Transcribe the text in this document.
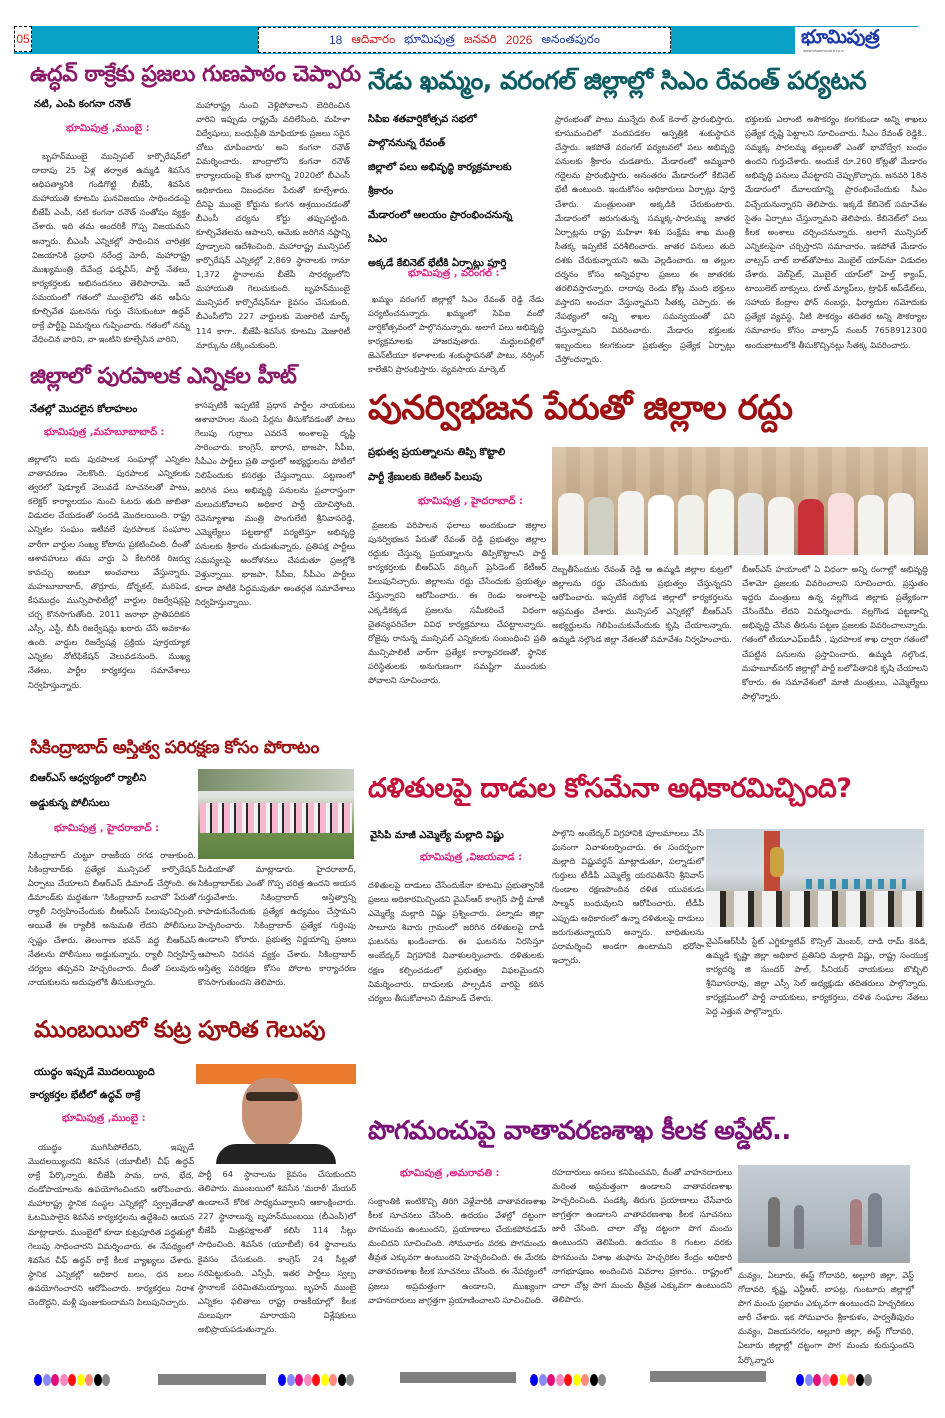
05	18 ఆదివారం భూమిపుత్ర జనవరి 2026 అనంతపురం	భూమిపుత్ర
www.bhoomiputra.co.in
ఉద్ధవ్ ఠాక్రేకు ప్రజలు గుణపాఠం చెప్పారు
నటి, ఎంపి కంగనా రనౌత్
భూమిపుత్ర ,ముంబై :
బృహన్‌ముంబై మున్సిపల్ కార్పొరేషన్‌లో దాదాపు 25 ఏళ్ల తర్వాత ఉమ్మడి శివసేన ఆధిపత్యానికి గండిగొట్టి బీజేపీ, శివసేన మహాయుతి కూటమి ఘనవిజయం సాధించడంపై బీజేపీ ఎంపీ, నటి కంగనా రనౌత్ సంతోషం వ్యక్తం చేశారు. ఇది తమ అందరికీ గొప్ప విజయమని అన్నారు. బీఎంసీ ఎన్నికల్లో సాధించిన చారిత్రక విజయానికి ప్రధాని నరేంద్ర మోదీ, మహారాష్ట్ర ముఖ్యమంత్రి దేవేంద్ర ఫడ్నవీస్, పార్టీ నేతలు, కార్యకర్తలకు అభినందనలు తెలిపారామె. ఇదే సమయంలో గతంలో ముంబైలోని తన ఆఫీసు కూల్చివేత ఘటనను గుర్తు చేసుకుంటూ ఉద్ధవ్ ఠాక్రే పార్టీపై విమర్శలు గుప్పించారు. గతంలో నన్ను వేధించిన వారిని, నా ఇంటిని కూల్చేసిన వారిని,
మహారాష్ట్ర నుంచి వెళ్లిపోవాలని బెదిరించిన వారిని ఇప్పుడు రాష్ట్రమే వదిలేసింది. మహిళా విద్వేషులు, బంధుప్రీతి మాఫియాకు ప్రజలు సరైన చోటు చూపించారు' అని కంగనా రనౌత్ విమర్శించారు. బాంద్రాలోని కంగనా రనౌత్ కార్యాలయంపై కొంత భాగాన్ని 2020లో బీఎంసీ అధికారులు నిబంధనల పేరుతో కూల్చేశారు. దీనిపై ముంబై కోర్టును కంగన ఆశ్రయించడంతో బీఎంసీ చర్యను కోర్టు తప్పుపట్టింది. కూల్చివేతలను ఆపాలని, ఆమెకు జరిగిన నష్టాన్ని పూడ్చాలని ఆదేశించింది. మహారాష్ట్ర మున్సిపల్ కార్పొరేషన్ ఎన్నికల్లో 2,869 స్థానాలకు గానూ 1,372 స్థానాలను బీజేపీ సారథ్యంలోని మహాయుతి గెలుచుకుంది. బృహన్‌ముంబై మున్సిపల్ కార్పొరేషన్‌నూ కైవసం చేసుకుంది. బీఎంసీలోని 227 వార్డులకు మెజారిటీ మార్క్ 114 కాగా.. బీజేపీ-శివసేన కూటమి మెజారిటీ మార్కును దక్కించుకుంది.
నేడు ఖమ్మం, వరంగల్ జిల్లాల్లో సిఎం రేవంత్ పర్యటన
సిపిఐ శతవార్షికోత్సవ సభలో
పాల్గొననున్న రేవంత్
జిల్లాలో పలు అభివృద్ధి కార్యక్రమాలకు
శ్రీకారం
మేడారంలో ఆలయం ప్రారంభించనున్న
సిఎం
అక్కడే కేబినెట్ భేటీకి ఏర్పాట్లు పూర్తి
భూమిపుత్ర , వరంగల్ :
ఖమ్మం వరంగల్ జిల్లాల్లో సిఎం రేవంత్ రెడ్డి నేడు పర్యటించనున్నారు. ఖమ్మంలో సిపిఐ వందో వార్షికోత్సవంలో పాల్గొననున్నారు. అలాగే పలు అభివృద్ధి కార్యక్రమాలకు హాజరవుతారు. మద్దులపల్లిలో జెఎన్‌టీయూ కళాశాలకు శంకుస్థాపనతో పాటు, నర్సింగ్ కాలేజీని ప్రారంభిస్తారు. వ్యవసాయ మార్కెట్
ప్రారంభంతో పాటు మున్నేరు లింక్ కెనాల్ ప్రారంభిస్తారు. కూసుమంచిలో వందపడకల ఆస్పత్రికి శంకుస్థాపన చేస్తారు. ఇకపోతే వరంగల్ పర్యటనలో పలు అభివృద్ధి పనులకు శ్రీకారం చుడతారు. మేడారంలో అమ్మవారి గద్దెలను ప్రారంభిస్తారు. అనంతరం మేడారంలో కేబినెట్ భేటీ ఉంటుంది. ఇందుకోసం అధికారులు ఏర్పాట్లు పూర్తి చేశారు. మంత్రులంతా అక్కడికి చేరుకుంటారు. మేడారంలో జరుగుతున్న సమ్మక్క-సారలమ్మ జాతర ఏర్పాట్లను రాష్ట్ర మహిళా శిశు సంక్షేమ శాఖ మంత్రి సీతక్క ఇప్పటికే పరిశీలించారు. జాతర పనులు తుది దశకు చేరుకున్నాయని ఆమె వెల్లడించారు. ఆ తల్లుల దర్శనం కోసం అన్నివర్గాల ప్రజలు ఈ జాతరకు తరలివస్తారన్నారు. దాదాపు రెండు కోట్ల మంది భక్తులు వస్తారని అంచనా వేస్తున్నామని సీతక్క చెప్పారు. ఈ నేపథ్యంలో అన్ని శాఖల సమన్వయంతో పని చేస్తున్నామని వివరించారు. మేడారం భక్తులకు ఇబ్బందులు కలగకుండా ప్రభుత్వం ప్రత్యేక ఏర్పాట్లు చేస్తోందన్నారు.
భక్తులకు ఎలాంటి అసౌకర్యం కలగకుండా అన్ని శాఖలు ప్రత్యేక దృష్టి పెట్టాలని సూచించారు. సీఎం రేవంత్ రెడ్డికి.. సమ్మక్క సారలమ్మ తల్లులతో ఎంతో భావోద్వేగ బంధం ఉందని గుర్తుచేశారు. అందుకే రూ.260 కోట్లతో మేడారం అభివృద్ధి పనులు చేపట్టారని చెప్పుకొచ్చారు. జనవరి 18న మేడారంలో దేవాలయాన్ని ప్రారంభించేందుకు సీఎం విచ్చేయనున్నారని తెలిపారు. ఇక్కడే కేబినెట్ సమావేశం సైతం ఏర్పాటు చేస్తున్నామని తెలిపారు. కేబినెట్‌లో పలు కీలక అంశాలు చర్చించనున్నారు. అలాగే మున్సిపల్ ఎన్నికలపైనా చర్చిస్తారని సమాచారం. ఇకపోతే మేడారం వాట్సప్ చాట్ బాట్‌తోపాటు మొబైల్ యాప్‌నూ విడుదల చేశారు. వెబ్‌సైట్, మొబైల్ యాప్‌లో హెల్త్ క్యాంప్, టాయిలెట్ బాక్సులు, రూట్ మ్యాప్‌లు, ట్రాఫిక్ అప్‌డేట్‌లు, సహాయ కేంద్రాల ఫోన్ నంబర్లు, ఫిర్యాదుల నమోదుకు ప్రత్యేక వ్యవస్థ, నీటి సౌకర్యం తదితర అన్ని సౌకర్యాల సమాచారం కోసం వాట్సాప్ నంబర్ 7658912300 అందుబాటులోకి తీసుకొచ్చినట్లు సీతక్క వివరించారు.
జిల్లాలో పురపాలక ఎన్నికల హీట్
నేతల్లో మొదలైన కోలాహలం
భూమిపుత్ర ,మహబూబాబాద్ :
జిల్లాలోని ఐదు పురపాలక సంఘాల్లో ఎన్నికల వాతావరణం నెలకొంది. పురపాలక ఎన్నికలకు త్వరలో షెడ్యూల్ వెలువడే సూచనలతో పాటు, కలెక్టర్ కార్యాలయం నుంచి ఓటరు తుది జాబితా విడుదల చేయడంతో సందడి మొదలయింది. రాష్ట్ర ఎన్నికల సంఘం ఇటీవలే పురపాలక సంఘాల వారీగా వార్డుల సంఖ్య కోటాను ప్రకటించింది. దీంతో ఆశావహులు తమ వార్డు ఏ కేటగిరికి రిజర్వు కావచ్చు అంటూ అంచనాలు వేస్తున్నారు. మహబూబాబాద్, తొర్రూరు, డోర్నకల్, మరిపెడ, కేసముద్రం మున్సిపాలిటీల్లో వార్డుల రిజర్వేషన్లపై చర్చ కొనసాగుతోంది. 2011 జనాభా ప్రాతిపదికన ఎస్సీ, ఎస్టీ, బీసీ రిజర్వేషన్లు ఖరారు చేసే అవకాశం ఉంది. వార్డుల రిజర్వేషన్ల ప్రక్రియ పూర్తయ్యాక ఎన్నికల నోటిఫికేషన్ వెలువడనుంది. ముఖ్య నేతలు, పార్టీల కార్యకర్తలు సమావేశాలు నిర్వహిస్తున్నారు.
కాసప్పటికీ ఇప్పటికే ప్రధాన పార్టీల నాయకులు ఆశావాహుల నుంచి పేర్లను తీసుకోవడంతో పాటు గెలుపు గుర్రాలు ఎవరనే అంశాలపై దృష్టి సారించారు. కాంగ్రెస్, భారాస, భాజపా, సీపీఐ, సీపీఎం పార్టీలు ప్రతి వార్డులో అభ్యర్థులను పోటీలో నిలిపేందుకు కసరత్తు చేస్తున్నాయి. పట్టణంలో జరిగిన పలు అభివృద్ధి పనులను ప్రచారాస్త్రంగా మలుచుకోవాలని అధికార పార్టీ యోచిస్తోంది. రెవెన్యూశాఖ మంత్రి పొంగులేటి శ్రీనివాసరెడ్డి, ఎమ్మెల్యేలు పట్టణాల్లో పర్యటిస్తూ అభివృద్ధి పనులకు శ్రీకారం చుడుతున్నారు. ప్రతిపక్ష పార్టీలు సమస్యలపై ఆందోళనలు చేపడుతూ ప్రజల్లోకి వెళ్తున్నాయి. భాజపా, సీపీఐ, సీపీఎం పార్టీలు కూడా పోటీకి సిద్ధమవుతూ అంతర్గత సమావేశాలు నిర్వహిస్తున్నాయి.
పునర్విభజన పేరుతో జిల్లాల రద్దు
ప్రభుత్వ ప్రయత్నాలను తిప్పి కొట్టాలి
పార్టీ శ్రేణులకు కెటిఆర్ పిలుపు
భూమిపుత్ర , హైదరాబాద్ :
ప్రజలకు పరిపాలన ఫలాలు అందకుండా జిల్లాల పునర్విభజన పేరుతో రేవంత్ రెడ్డి ప్రభుత్వం జిల్లాల రద్దుకు చేస్తున్న ప్రయత్నాలను తిప్పికొట్టాలని పార్టీ కార్యకర్తలకు బీఆర్ఎస్ వర్కింగ్ ప్రెసిడెంట్ కేటీఆర్ పిలుపునిచ్చారు. జిల్లాలను రద్దు చేసేందుకు ప్రయత్నం చేస్తున్నారని ఆరోపించారు. ఈ రెండు అంశాలపై ఎక్కడికక్కడ ప్రజలను సమీకరించే విధంగా చైతన్యపరిచేలా వివిధ కార్యక్రమాలు చేపట్టాలన్నారు. రోజైపు రానున్న మున్సిపల్ ఎన్నికలకు సంబంధించి ప్రతి మున్సిపాలిటీ వార్‌గా ప్రత్యేక కార్యాచరణతో, స్థానిక పరిస్థితులకు అనుగుణంగా సమష్టిగా ముందుకు పోవాలని సూచించారు.
దెబ్బతీసేందుకు రేవంత్ రెడ్డి ఆ ఉమ్మడి జిల్లాల కుట్రలో జిల్లాలను రద్దు చేసేందుకు ప్రభుత్వం చేస్తున్నదని ఆరోపించారు. ఇప్పటికే నల్గొండ జిల్లాలో కార్యకర్తలను అప్రమత్తం చేశారు. మున్సిపల్ ఎన్నికల్లో బీఆర్ఎస్ అభ్యర్థులను గెలిపించుకునేందుకు కృషి చేయాలన్నారు. ఉమ్మడి నల్గొండ జిల్లా నేతలతో సమావేశం నిర్వహించారు.
బీఆర్ఎస్ హయాంలో ఏ విధంగా అన్ని రంగాల్లో అభివృద్ధి చేశామో ప్రజలకు వివరించాలని సూచించారు. ప్రస్తుతం ఇద్దరు మంత్రులు ఉన్న నల్లగొండ జిల్లాకు ప్రత్యేకంగా చేసిందేమీ లేదని విమర్శించారు. నల్లగొండ పట్టణాన్ని అభివృద్ధి చేసిన తీరును పట్టణ ప్రజలకు వివరించాలన్నారు. గతంలో టీయూఎఫ్ఐడీసీ , పురపాలక శాఖ ద్వారా గతంలో చేపట్టిన పనులను ప్రస్తావించారు. ఉమ్మడి నల్గొండ, మహబూబ్‌నగర్ జిల్లాల్లో పార్టీ బలోపేతానికి కృషి చేయాలని కోరారు. ఈ సమావేశంలో మాజీ మంత్రులు, ఎమ్మెల్యేలు పాల్గొన్నారు.
సికింద్రాబాద్ అస్తిత్వ పరిరక్షణ కోసం పోరాటం
బిఆర్ఎస్ ఆధ్వర్యంలో ర్యాలీని
అడ్డుకున్న పోలీసులు
భూమిపుత్ర , హైదరాబాద్ :
సికింద్రాబాద్ చుట్టూ రాజకీయ రగడ రాజుకుంది. సికింద్రాబాద్‌కు ప్రత్యేక మున్సిపల్ కార్పొరేషన్ ఏర్పాటు చేయాలని బీఆర్ఎస్ డిమాండ్ చేస్తోంది. ఈ డిమాండ్‌కు మద్దతుగా 'సికింద్రాబాద్ బచావో' పేరుతో ర్యాలీ నిర్వహించేందుకు బీఆర్ఎస్ పిలుపునిచ్చింది. అయితే ఈ ర్యాలీకి అనుమతి లేదని పోలీసులు స్పష్టం చేశారు. తెలంగాణ భవన్ వద్ద బీఆర్ఎస్ నేతలను పోలీసులు అడ్డుకున్నారు. ర్యాలీ నిర్వహిస్తే చర్యలు తప్పవని హెచ్చరించారు. దీంతో పలువురు నాయకులను అదుపులోకి తీసుకున్నారు.
మీడియాతో మాట్లాడారు. హైదరాబాద్, సికింద్రాబాద్‌కు ఎంతో గొప్ప చరిత్ర ఉందని అయన గుర్తుచేశారు. సికింద్రాబాద్ అస్తిత్వాన్ని కాపాడుకునేందుకు ప్రత్యేక ఉద్యమం చేస్తామని హెచ్చరించారు. సికింద్రాబాద్ ప్రత్యేక గుర్తింపు ఉండాలని కోరారు. ప్రభుత్వ నిర్ణయాన్ని ప్రజలు ఆపాలని నిరసన వ్యక్తం చేశారు. సికింద్రాబాద్ అస్తిత్వ పరిరక్షణ కోసం పోరాట కార్యాచరణ కొనసాగుతుందని తెలిపారు.
ముంబయిలో కుట్ర పూరిత గెలుపు
యుద్ధం ఇప్పుడే మొదలయ్యింది
కార్యకర్తల భేటీలో ఉద్ధవ్ ఠాక్రే
భూమిపుత్ర ,ముంబై :
యుద్ధం ముగిసిపోలేదని, ఇప్పుడే మొదలయ్యిందని శివసేన (యూబీటీ) చీఫ్ ఉద్ధవ్ ఠాక్రే పేర్కొన్నారు. బీజేపీ సామ, దాన, భేద, దండోపాయాలను ఉపయోగించిందని ఆరోపించారు. మహారాష్ట్ర స్థానిక సంస్థల ఎన్నికల్లో స్వల్పతేడాతో ఓటమిపాలైన శివసేన కార్యకర్తలను ఉద్దేశించి ఆయన మాట్లాడారు. ముంబైలో కూడా కుట్రపూరిత పద్ధతుల్లో గెలుపు సాధించారని విమర్శించారు. ఈ నేపథ్యంలో శివసేన చీఫ్ ఉద్ధవ్ ఠాక్రే కీలక వ్యాఖ్యలు చేశారు. స్థానిక ఎన్నికల్లో అధికార బలం, ధన బలం ఉపయోగించారని ఆరోపించారు. కార్యకర్తలు నిరాశ చెందొద్దని, మళ్లీ పుంజుకుందామని పిలుపునిచ్చారు.
పార్టీ 64 స్థానాలను కైవసం చేసుకుందని తెలిపారు. ముంబయిలో శివసేన 'మరాఠీ' మేయర్ ఉండాలనే కోరిక సాధ్యమవ్వాలని ఆకాంక్షించారు. 227 స్థానాలున్న బృహన్‌ముంబయి (బీఎంసీ)లో బీజేపీ మిత్రపక్షాలతో కలిసి 114 సీట్లు సాధించింది. శివసేన (యూబీటీ) 64 స్థానాలను కైవసం చేసుకుంది. కాంగ్రెస్ 24 సీట్లతో సరిపెట్టుకుంది. ఎన్సీపీ, ఇతర పార్టీలు స్వల్ప స్థానాలకే పరిమితమయ్యాయి. బృహన్ ముంబై ఎన్నికల ఫలితాలు రాష్ట్ర రాజకీయాల్లో కీలక మలుపుగా మారాయని విశ్లేషకులు అభిప్రాయపడుతున్నారు.
దళితులపై దాడుల కోసమేనా అధికారమిచ్చింది?
వైసిపి మాజీ ఎమ్మెల్యే మల్లాది విష్ణు
భూమిపుత్ర ,విజయవాడ :
దళితులపై దాడులు చేసేందుకేనా కూటమి ప్రభుత్వానికి ప్రజలు అధికారమిచ్చిందని వైఎస్ఆర్ కాంగ్రెస్ పార్టీ మాజీ ఎమ్మెల్యే మల్లాది విష్ణు ప్రశ్నించారు. పల్నాడు జిల్లా సాలూరు శివారు గ్రామంలో జరిగిన దళితులపై దాడి ఘటనను ఖండించారు. ఈ ఘటనను నిరసిస్తూ అంబేద్కర్ విగ్రహానికి నివాళులర్పించారు. దళితులకు రక్షణ కల్పించడంలో ప్రభుత్వం విఫలమైందని విమర్శించారు. దాడులకు పాల్పడిన వారిపై కఠిన చర్యలు తీసుకోవాలని డిమాండ్ చేశారు.
పాల్గొని అంబేద్కర్ విగ్రహానికి పూలమాలలు వేసి ఘనంగా నివాళులర్పించారు. ఈ సందర్భంగా మల్లాది విష్ణువర్ధన్ మాట్లాడుతూ, పల్నాడులో గుర్తులు టీడీపీ ఎమ్మెల్యే యరపతినేని శ్రీనివాస్ గుండాల రక్షణపొందిన దళిత యువకుడు సాల్మన్ బంధువులని ఆరోపించారు. టీడీపీ ఎప్పుడు అధికారంలో ఉన్నా దళితులపై దాడులు జరుగుతున్నాయని అన్నారు. బాధితులను పరామర్శించి అండగా ఉంటామని భరోసా ఇచ్చారు.
వైఎస్ఆర్‌సీపీ స్టేట్ ఎగ్జిక్యూటివ్ కౌన్సిల్ మెంబర్, దాడి రామ్ కెనడి, ఉమ్మడి కృష్ణా జిల్లా అధికార ప్రతినిధి మల్లాది విష్ణు, రాష్ట్ర సంయుక్త కార్యదర్శి జి సుందర్ పాల్, సీనియర్ నాయకులు బొబ్బిలి శ్రీనివాసరావు, జిల్లా ఎస్సీ సెల్ అధ్యక్షుడు తదితరులు పాల్గొన్నారు. కార్యక్రమంలో పార్టీ నాయకులు, కార్యకర్తలు, దళిత సంఘాల నేతలు పెద్ద ఎత్తున పాల్గొన్నారు.
పొగమంచుపై వాతావరణశాఖ కీలక అప్డేట్..
భూమిపుత్ర ,అమరావతి :
సంక్రాంతికి ఇంటికొచ్చి తిరిగి వెళ్లేవారికి వాతావరణశాఖ కీలక సూచనలు చేసింది. ఉదయం వేళల్లో దట్టంగా పొగమంచు ఉంటుందని, ప్రయాణాలు చేయకపోవడమే మంచిదని సూచించింది. సోమవారం వరకు పొగమంచు తీవ్రత ఎక్కువగా ఉంటుందని హెచ్చరించింది. ఈ మేరకు వాతావరణశాఖ కీలక సూచనలు చేసింది. ఈ నేపథ్యంలో ప్రజలు అప్రమత్తంగా ఉండాలని, ముఖ్యంగా వాహనదారులు జాగ్రత్తగా ప్రయాణించాలని సూచించింది.
రహదారులు అసలు కనిపించవని, దీంతో వాహనదారులు మరింత అప్రమత్తంగా ఉండాలని వాతావరణశాఖ హెచ్చరించింది. పండక్కి తిరుగు ప్రయాణాలు చేసేవారు జాగ్రత్తగా ఉండాలని వాతావరణశాఖ కీలక సూచనలు జారీ చేసింది. చాలా చోట్ల దట్టంగా పొగ మంచు ఉంటుందని తెలిపింది. ఉదయం 8 గంటల వరకు పొగమంచు విశాఖ తుఫాను హెచ్చరికల కేంద్రం అధికారి నాగభూషణం అందించిన వివరాల ప్రకారం.. రాష్ట్రంలో చాలా చోట్ల పొగ మంచు తీవ్రత ఎక్కువగా ఉంటుందని తెలిపారు.
మన్యం, ఏలూరు, ఈస్ట్ గోదావరి, అల్లూరి జిల్లా, వెస్ట్ గోదావరి, కృష్ణ, ఎన్టీఆర్, బాపట్ల, గుంటూరు జిల్లాల్లో పొగ మంచు ప్రభావం ఎక్కువగా ఉంటుందని హెచ్చరికలు జారీ చేశారు. ఇక సోమవారం శ్రీకాకుళం, పార్వతీపురం మన్యం, విజయనగరం, అల్లూరి జిల్లా, ఈస్ట్ గోదావరి, ఏలూరు జిల్లాల్లో దట్టంగా పొగ మంచు కురుస్తుందని పేర్కొన్నారు
